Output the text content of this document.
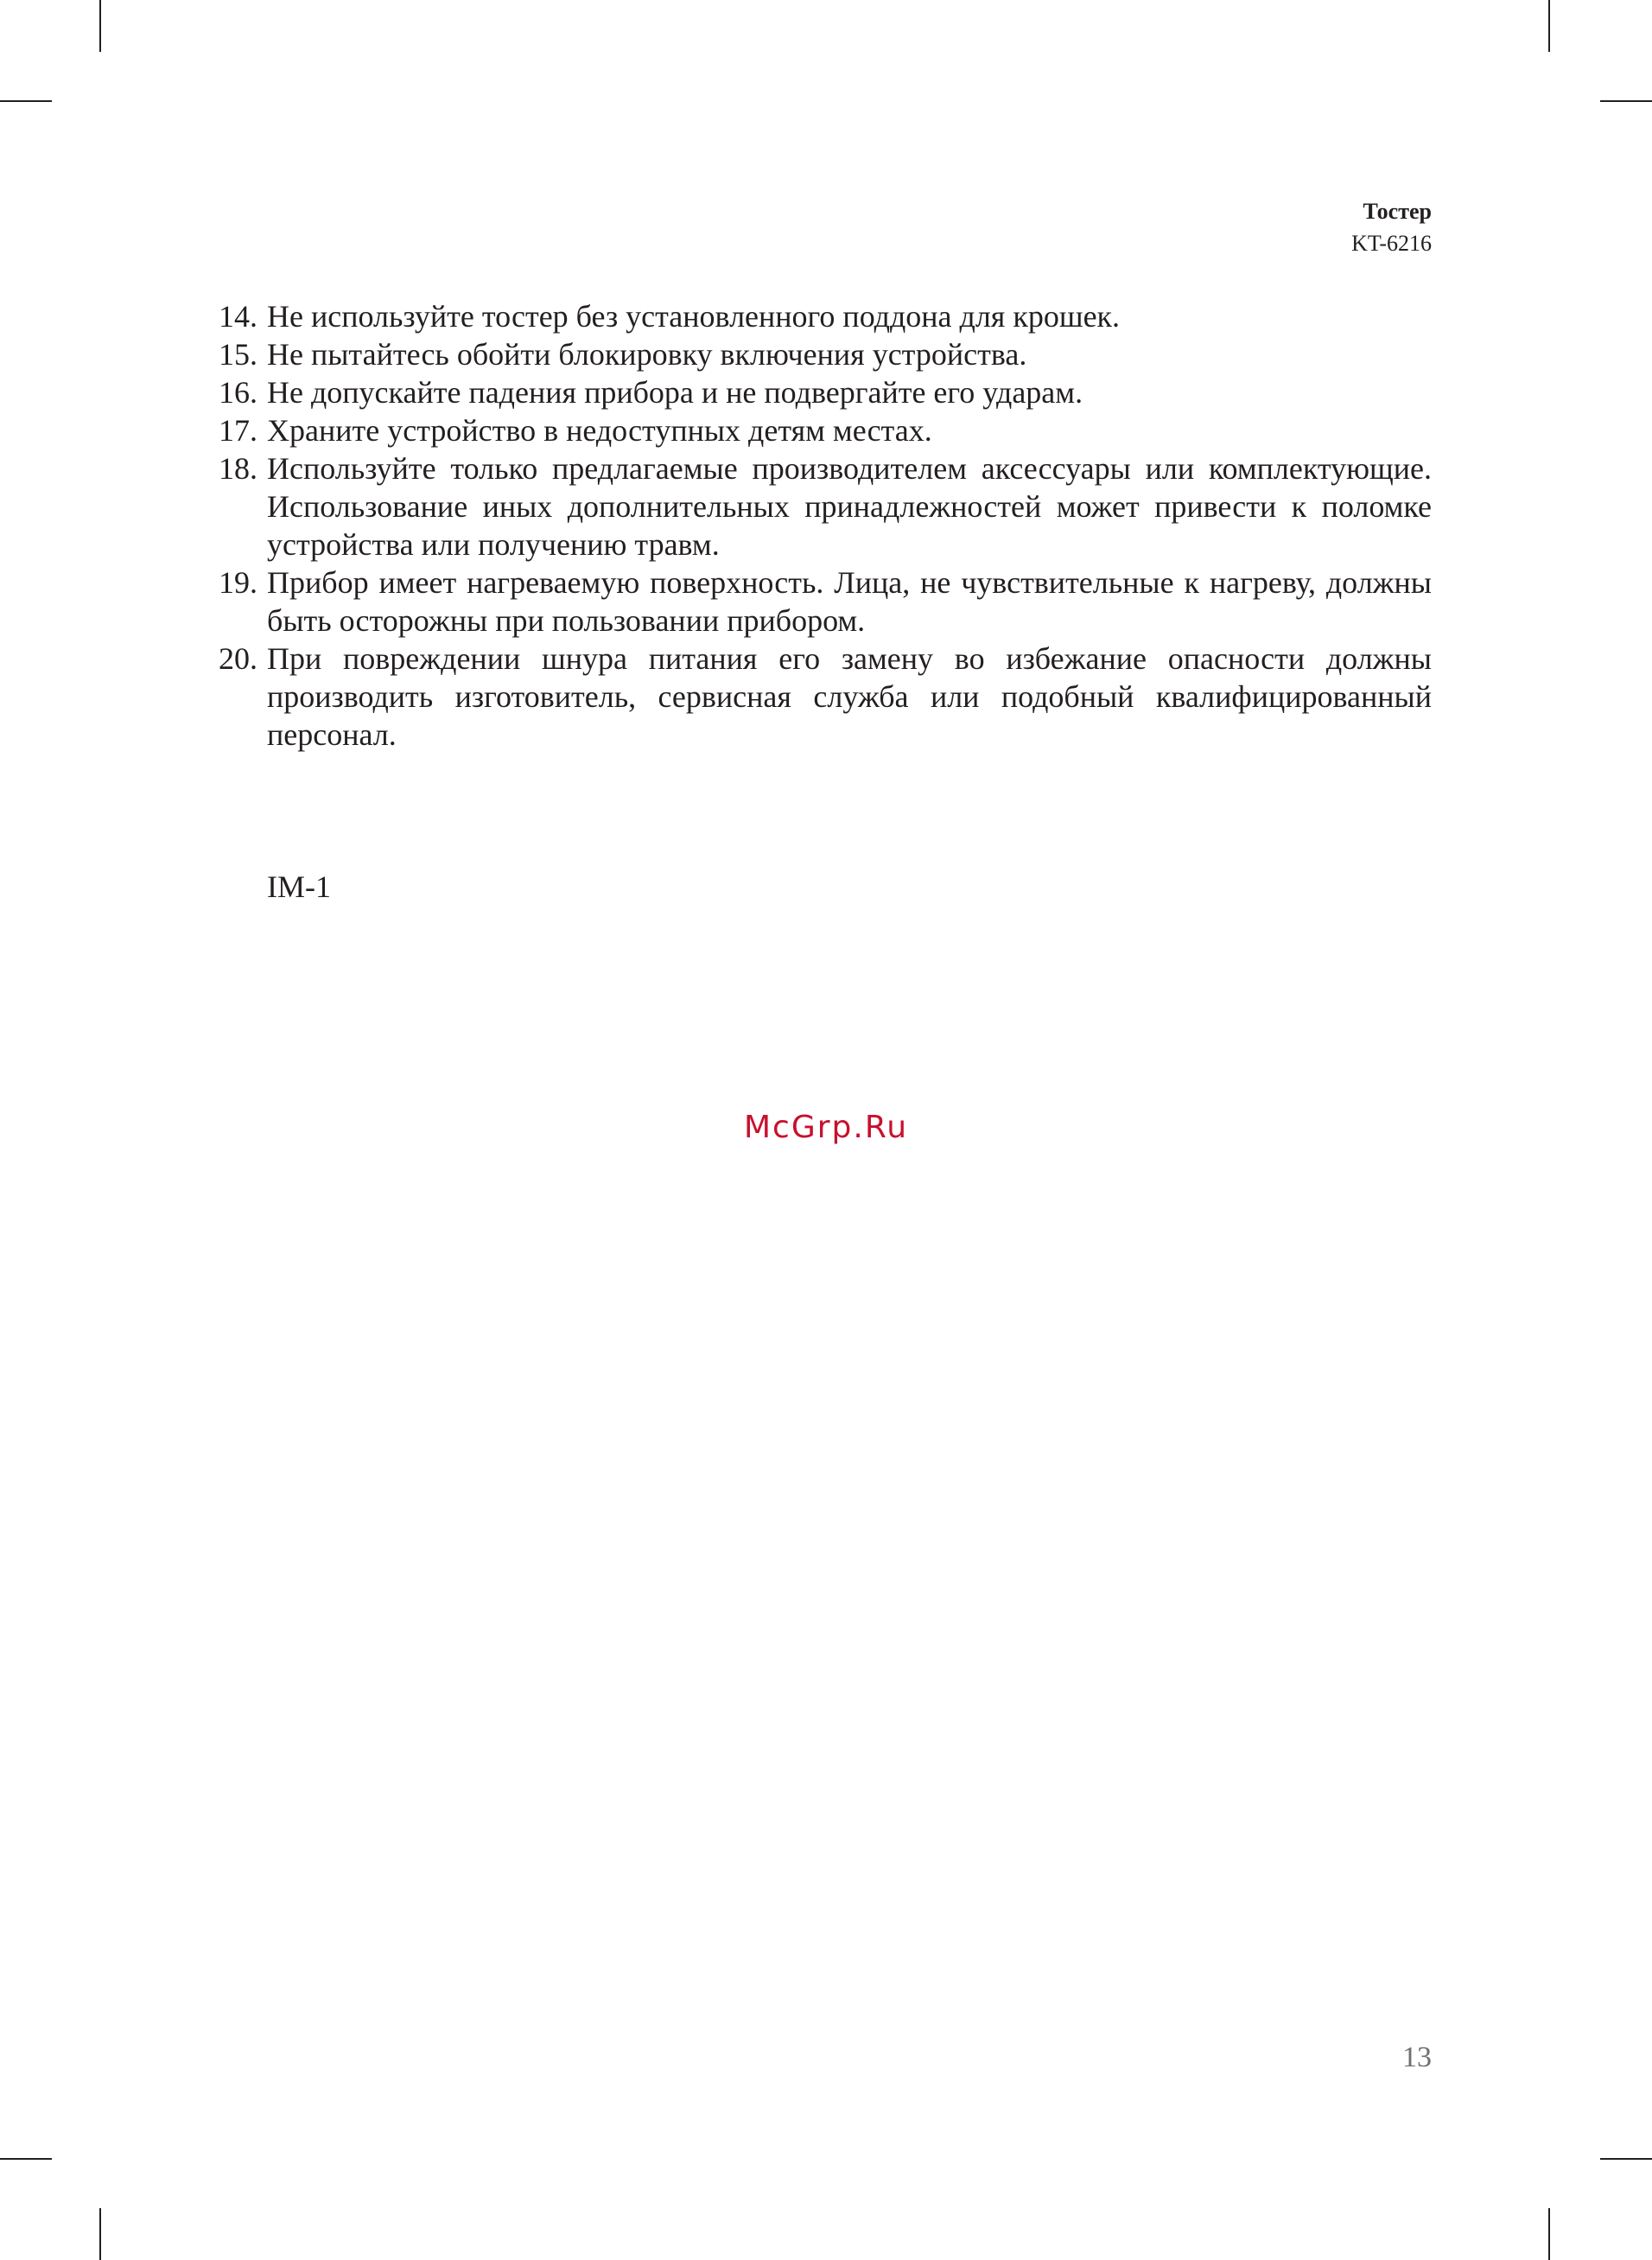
Тостер
KT-6216
14. Не используйте тостер без установленного поддона для крошек.
15. Не пытайтесь обойти блокировку включения устройства.
16. Не допускайте падения прибора и не подвергайте его ударам.
17. Храните устройство в недоступных детям местах.
18. Используйте только предлагаемые производителем аксессуары или комплектующие. Использование иных дополнительных принадлежностей может привести к поломке устройства или получению травм.
19. Прибор имеет нагреваемую поверхность. Лица, не чувствительные к нагреву, должны быть осторожны при пользовании прибором.
20. При повреждении шнура питания его замену во избежание опасности должны производить изготовитель, сервисная служба или подобный квалифицированный персонал.
IM-1
McGrp.Ru
13
